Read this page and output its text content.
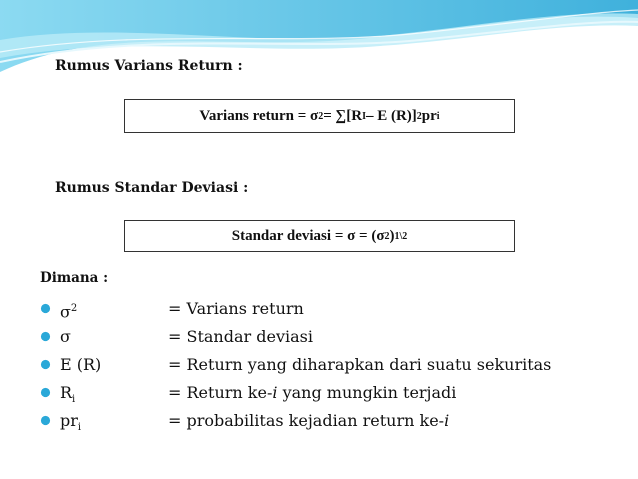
Rumus Varians Return :
Varians return = σ 2 = ∑[R I – E (R)] 2 pr i
Rumus Standar Deviasi :
Standar deviasi = σ = (σ 2 ) 1\2
Dimana :
$\sigma^2$	= Varians return
σ	= Standar deviasi
E (R)	= Return yang diharapkan dari suatu sekuritas
$R_i$	= Return ke-i yang mungkin terjadi
$pr_i$	= probabilitas kejadian return ke-i
